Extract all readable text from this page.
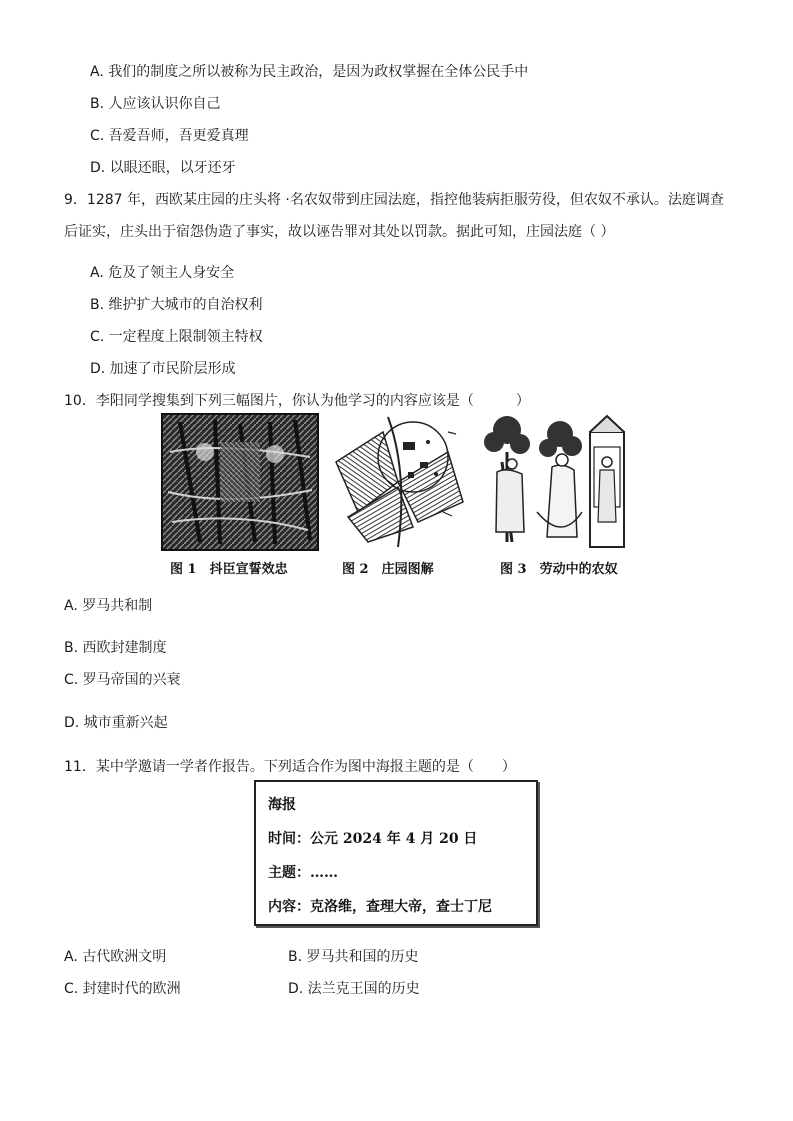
A. 我们的制度之所以被称为民主政治，是因为政权掌握在全体公民手中
B. 人应该认识你自己
C. 吾爱吾师，吾更爱真理
D. 以眼还眼，以牙还牙
9．1287 年，西欧某庄园的庄头将 ·名农奴带到庄园法庭，指控他装病拒服劳役，但农奴不承认。法庭调查
后证实，庄头出于宿怨伪造了事实，故以诬告罪对其处以罚款。据此可知，庄园法庭（ ）
A. 危及了领主人身安全
B. 维护扩大城市的自治权利
C. 一定程度上限制领主特权
D. 加速了市民阶层形成
10．李阳同学搜集到下列三幅图片，你认为他学习的内容应该是（　　　）
图 1　抖臣宣誓效忠	图 2　庄园图解	图 3　劳动中的农奴
A. 罗马共和制
B. 西欧封建制度
C. 罗马帝国的兴衰
D. 城市重新兴起
11．某中学邀请一学者作报告。下列适合作为图中海报主题的是（　　）
海报
时间：公元 2024 年 4 月 20 日
主题：……
内容：克洛维，查理大帝，查士丁尼
A. 古代欧洲文明	B. 罗马共和国的历史
C. 封建时代的欧洲	D. 法兰克王国的历史
